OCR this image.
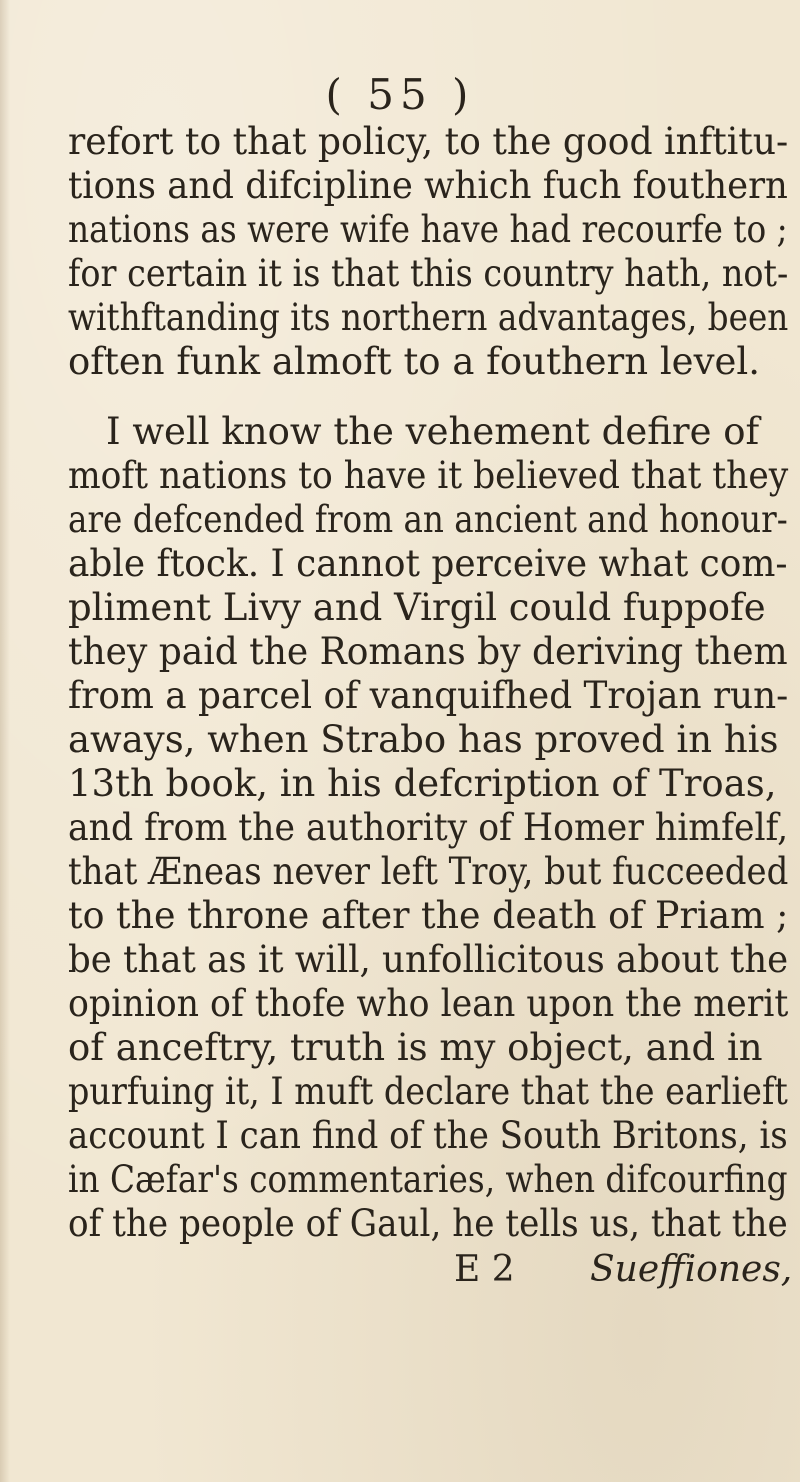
( 55 )
refort to that policy, to the good inftitu-
tions and difcipline which fuch fouthern
nations as were wife have had recourfe to ;
for certain it is that this country hath, not-
withftanding its northern advantages, been
often funk almoft to a fouthern level.
I well know the vehement defire of
moft nations to have it believed that they
are defcended from an ancient and honour-
able ftock. I cannot perceive what com-
pliment Livy and Virgil could fuppofe
they paid the Romans by deriving them
from a parcel of vanquifhed Trojan run-
aways, when Strabo has proved in his
13th book, in his defcription of Troas,
and from the authority of Homer himfelf,
that Æneas never left Troy, but fucceeded
to the throne after the death of Priam ;
be that as it will, unfollicitous about the
opinion of thofe who lean upon the merit
of anceftry, truth is my object, and in
purfuing it, I muft declare that the earlieft
account I can find of the South Britons, is
in Cæfar's commentaries, when difcourfing
of the people of Gaul, he tells us, that the
E 2 Sueffiones,
